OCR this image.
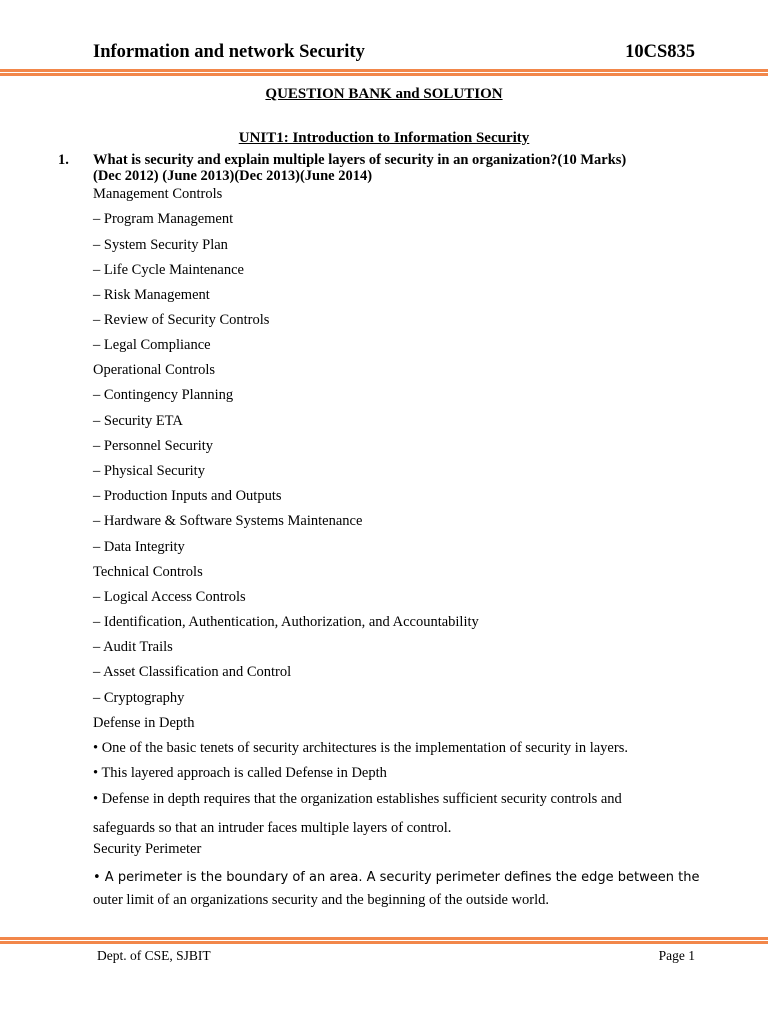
Information and network Security	10CS835
QUESTION BANK and SOLUTION
UNIT1: Introduction to Information Security
1. What is security and explain multiple layers of security in an organization?(10 Marks)
(Dec 2012) (June 2013)(Dec 2013)(June 2014)
Management Controls
– Program Management
– System Security Plan
– Life Cycle Maintenance
– Risk Management
– Review of Security Controls
– Legal Compliance
Operational Controls
– Contingency Planning
– Security ETA
– Personnel Security
– Physical Security
– Production Inputs and Outputs
– Hardware & Software Systems Maintenance
– Data Integrity
Technical Controls
– Logical Access Controls
– Identification, Authentication, Authorization, and Accountability
– Audit Trails
– Asset Classification and Control
– Cryptography
Defense in Depth
• One of the basic tenets of security architectures is the implementation of security in layers.
• This layered approach is called Defense in Depth
• Defense in depth requires that the organization establishes sufficient security controls and
safeguards so that an intruder faces multiple layers of control.
Security Perimeter
• A perimeter is the boundary of an area. A security perimeter defines the edge between the
outer limit of an organizations security and the beginning of the outside world.
Dept. of CSE, SJBIT	Page 1
